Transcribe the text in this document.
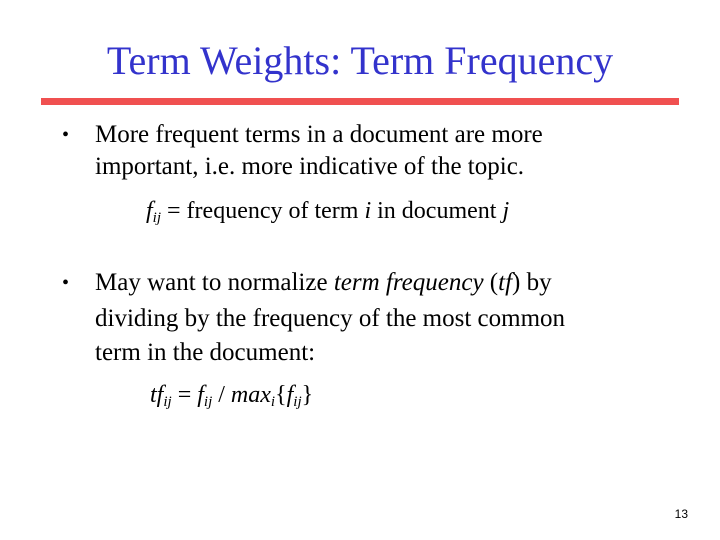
Term Weights: Term Frequency
• More frequent terms in a document are more
important, i.e. more indicative of the topic.
$f_{ij}$ = frequency of term i in document j
• May want to normalize term frequency (tf) by
dividing by the frequency of the most common
term in the document:
$tf_{ij} = f_{ij} / \max_i\{f_{ij}\}$
13
